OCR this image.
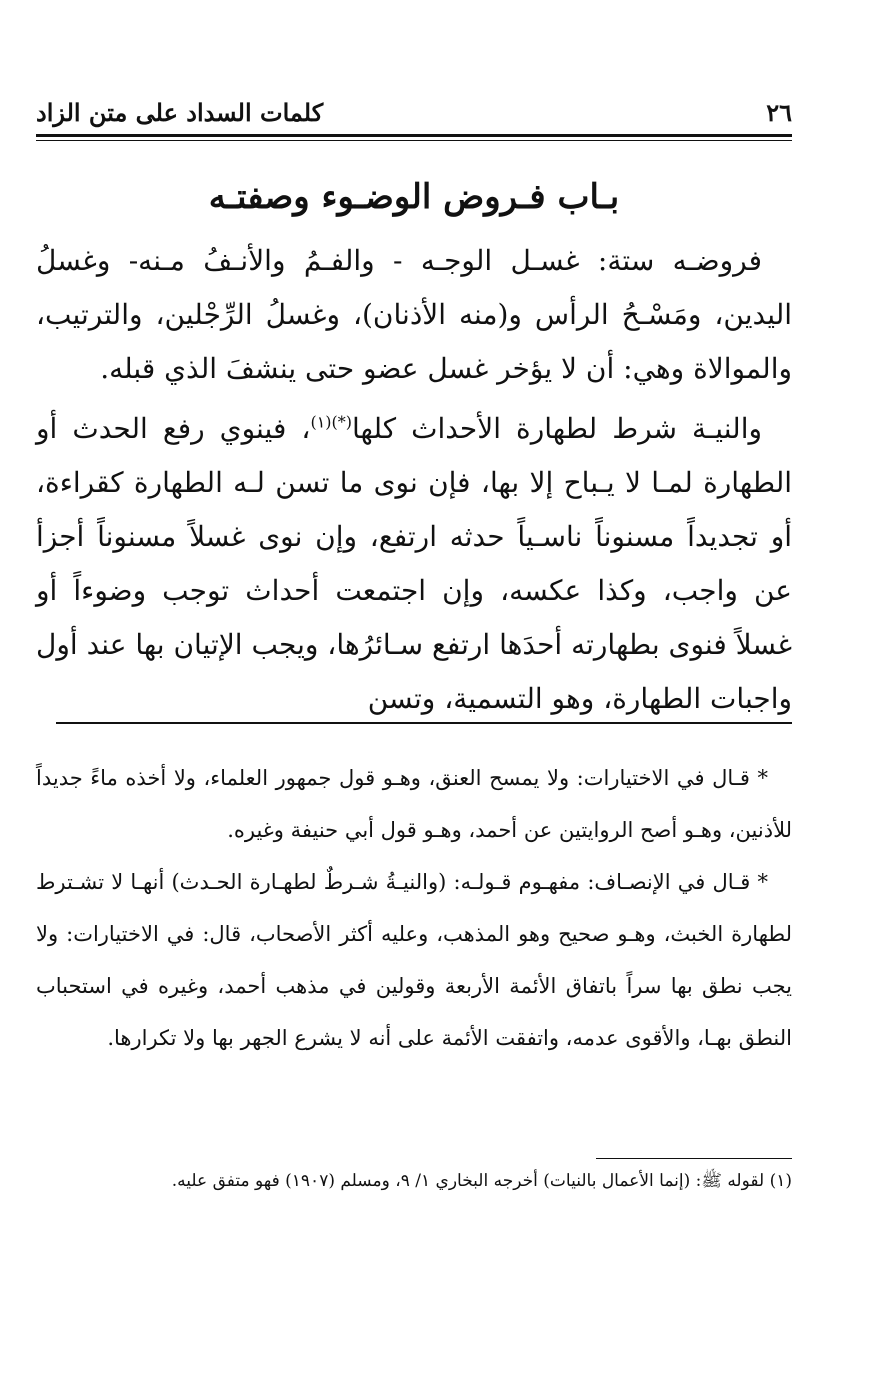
٢٦
كلمات السداد على متن الزاد
بـاب فـروض الوضـوء وصفتـه

فروضـه ستة: غسـل الوجـه - والفـمُ والأنـفُ مـنه- وغسلُ اليدين، ومَسْـحُ الرأس و(منه الأذنان)، وغسلُ الرِّجْلين، والترتيب، والموالاة وهي: أن لا يؤخر غسل عضو حتى ينشفَ الذي قبله.

والنيـة شرط لطهارة الأحداث كلها$^{(*)(١)}$، فينوي رفع الحدث أو الطهارة لمـا لا يـباح إلا بها، فإن نوى ما تسن لـه الطهارة كقراءة، أو تجديداً مسنوناً ناسـياً حدثه ارتفع، وإن نوى غسلاً مسنوناً أجزأ عن واجب، وكذا عكسه، وإن اجتمعت أحداث توجب وضوءاً أو غسلاً فنوى بطهارته أحدَها ارتفع سـائرُها، ويجب الإتيان بها عند أول واجبات الطهارة، وهو التسمية، وتسن

* قـال في الاختيارات: ولا يمسح العنق، وهـو قول جمهور العلماء، ولا أخذه ماءً جديداً للأذنين، وهـو أصح الروايتين عن أحمد، وهـو قول أبي حنيفة وغيره.

* قـال في الإنصـاف: مفهـوم قـولـه: (والنيـةُ شـرطٌ لطهـارة الحـدث) أنهـا لا تشـترط لطهارة الخبث، وهـو صحيح وهو المذهب، وعليه أكثر الأصحاب، قال: في الاختيارات: ولا يجب نطق بها سراً باتفاق الأئمة الأربعة وقولين في مذهب أحمد، وغيره في استحباب النطق بهـا، والأقوى عدمه، واتفقت الأئمة على أنه لا يشرع الجهر بها ولا تكرارها.

(١) لقوله ﷺ: (إنما الأعمال بالنيات) أخرجه البخاري ١/ ٩، ومسلم (١٩٠٧) فهو متفق عليه.
